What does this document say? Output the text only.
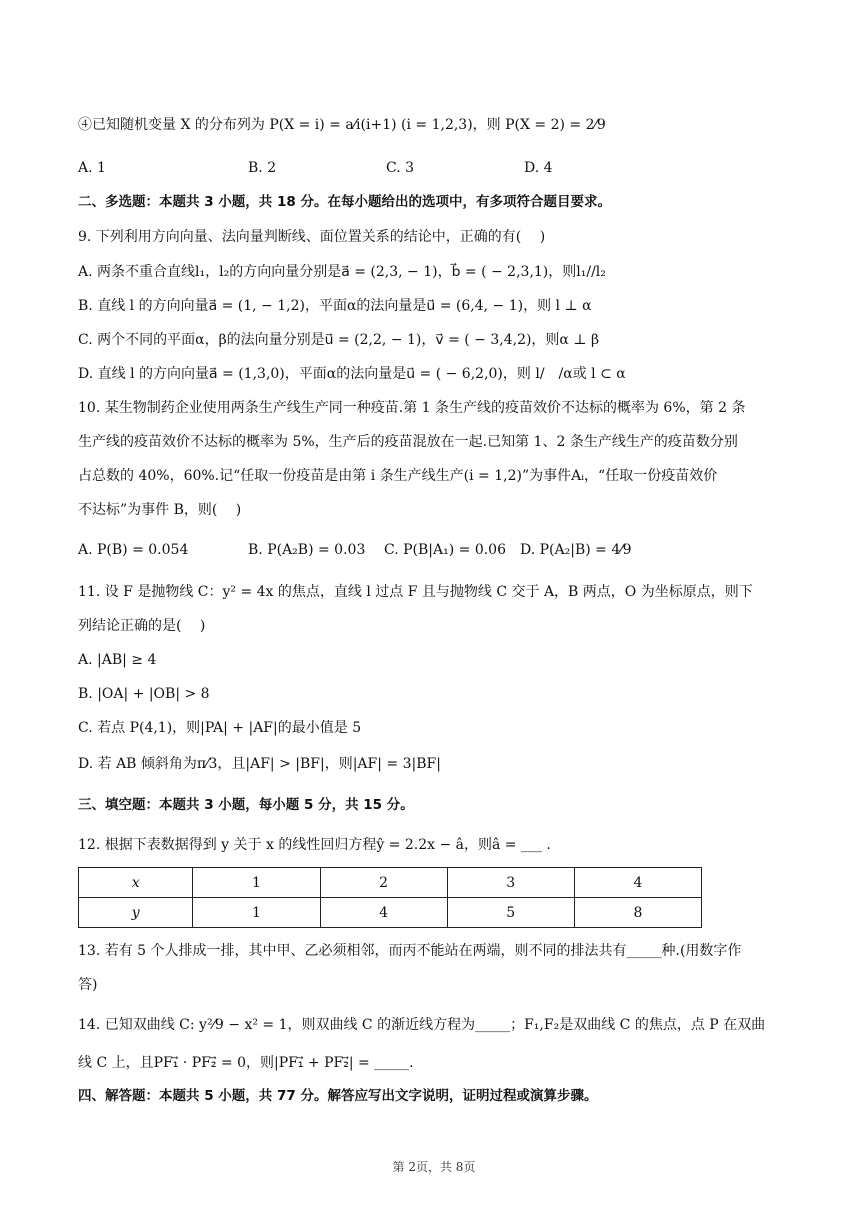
④已知随机变量 X 的分布列为 P(X = i) = a⁄i(i+1) (i = 1,2,3)，则 P(X = 2) = 2⁄9
A. 1	B. 2	C. 3	D. 4
二、多选题：本题共 3 小题，共 18 分。在每小题给出的选项中，有多项符合题目要求。
9. 下列利用方向向量、法向量判断线、面位置关系的结论中，正确的有(　 )
A. 两条不重合直线l₁，l₂的方向向量分别是a⃗ = (2,3, − 1)，b⃗ = ( − 2,3,1)，则l₁//l₂
B. 直线 l 的方向向量a⃗ = (1, − 1,2)，平面α的法向量是u⃗ = (6,4, − 1)，则 l ⊥ α
C. 两个不同的平面α，β的法向量分别是u⃗ = (2,2, − 1)，v⃗ = ( − 3,4,2)，则α ⊥ β
D. 直线 l 的方向向量a⃗ = (1,3,0)，平面α的法向量是u⃗ = ( − 6,2,0)，则 l/　/α或 l ⊂ α
10. 某生物制药企业使用两条生产线生产同一种疫苗.第 1 条生产线的疫苗效价不达标的概率为 6%，第 2 条
生产线的疫苗效价不达标的概率为 5%，生产后的疫苗混放在一起.已知第 1、2 条生产线生产的疫苗数分别
占总数的 40%，60%.记“任取一份疫苗是由第 i 条生产线生产(i = 1,2)”为事件Aᵢ，“任取一份疫苗效价
不达标”为事件 B，则(　 )
A. P(B) = 0.054	B. P(A₂B) = 0.03 C. P(B|A₁) = 0.06 D. P(A₂|B) = 4⁄9
11. 设 F 是抛物线 C：y² = 4x 的焦点，直线 l 过点 F 且与抛物线 C 交于 A，B 两点，O 为坐标原点，则下
列结论正确的是(　 )
A. |AB| ≥ 4
B. |OA| + |OB| > 8
C. 若点 P(4,1)，则|PA| + |AF|的最小值是 5
D. 若 AB 倾斜角为π⁄3，且|AF| > |BF|，则|AF| = 3|BF|
三、填空题：本题共 3 小题，每小题 5 分，共 15 分。
12. 根据下表数据得到 y 关于 x 的线性回归方程ŷ = 2.2x − â，则â = ___ .
x	1	2	3	4
y	1	4	5	8
13. 若有 5 个人排成一排，其中甲、乙必须相邻，而丙不能站在两端，则不同的排法共有_____种.(用数字作
答)
14. 已知双曲线 C: y²⁄9 − x² = 1，则双曲线 C 的渐近线方程为_____；F₁,F₂是双曲线 C 的焦点，点 P 在双曲
线 C 上，且PF₁⃗ · PF₂⃗ = 0，则|PF₁⃗ + PF₂⃗| = _____.
四、解答题：本题共 5 小题，共 77 分。解答应写出文字说明，证明过程或演算步骤。
第 2页，共 8页
